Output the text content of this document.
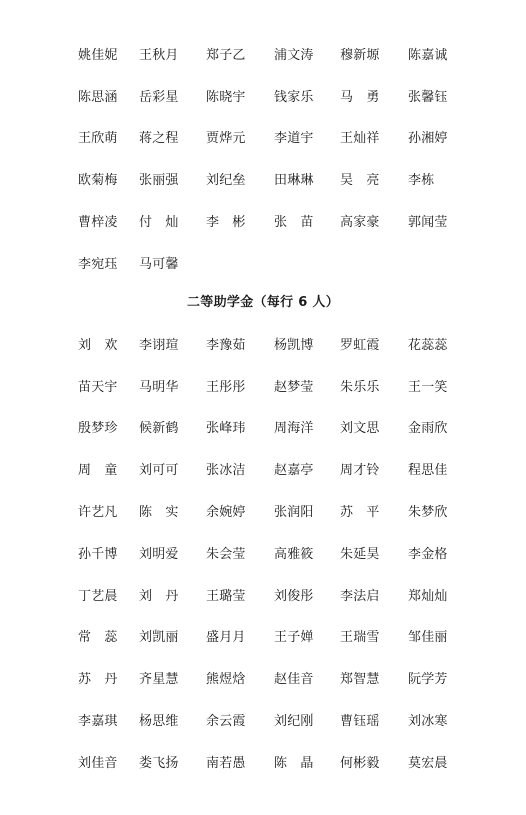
姚佳妮	王秋月	郑子乙	浦文涛	穆新塬	陈嘉诚
陈思涵	岳彩星	陈晓宇	钱家乐	马　勇	张馨钰
王欣萌	蒋之程	贾烨元	李道宇	王灿祥	孙湘婷
欧菊梅	张丽强	刘纪垒	田琳琳	吴　亮	李栋
曹梓凌	付　灿	李　彬	张　苗	高家豪	郭闻莹
李宛珏	马可馨
二等助学金（每行 6 人）
刘　欢	李诩瑄	李豫茹	杨凯博	罗虹霞	花蕊蕊
苗天宇	马明华	王彤彤	赵梦莹	朱乐乐	王一笑
殷梦珍	候新鹤	张峰玮	周海洋	刘文思	金雨欣
周　童	刘可可	张冰洁	赵嘉亭	周才铃	程思佳
许艺凡	陈　实	余婉婷	张润阳	苏　平	朱梦欣
孙千博	刘明爱	朱会莹	高雅筱	朱延昊	李金格
丁艺晨	刘　丹	王璐莹	刘俊彤	李法启	郑灿灿
常　蕊	刘凯丽	盛月月	王子婵	王瑞雪	邹佳丽
苏　丹	齐星慧	熊煜焓	赵佳音	郑智慧	阮学芳
李嘉琪	杨思维	余云霞	刘纪刚	曹钰瑶	刘冰寒
刘佳音	娄飞扬	南若愚	陈　晶	何彬毅	莫宏晨
